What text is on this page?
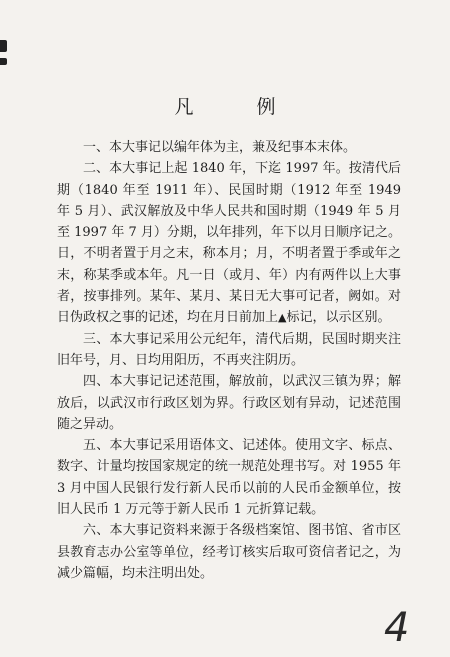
凡　例

一、本大事记以编年体为主，兼及纪事本末体。

二、本大事记上起 1840 年，下迄 1997 年。按清代后期（1840 年至 1911 年）、民国时期（1912 年至 1949 年 5 月）、武汉解放及中华人民共和国时期（1949 年 5 月至 1997 年 7 月）分期，以年排列，年下以月日顺序记之。日，不明者置于月之末，称本月；月，不明者置于季或年之末，称某季或本年。凡一日（或月、年）内有两件以上大事者，按事排列。某年、某月、某日无大事可记者，阙如。对日伪政权之事的记述，均在月日前加上▲标记，以示区别。

三、本大事记采用公元纪年，清代后期，民国时期夹注旧年号，月、日均用阳历，不再夹注阴历。

四、本大事记记述范围，解放前，以武汉三镇为界；解放后，以武汉市行政区划为界。行政区划有异动，记述范围随之异动。

五、本大事记采用语体文、记述体。使用文字、标点、数字、计量均按国家规定的统一规范处理书写。对 1955 年 3 月中国人民银行发行新人民币以前的人民币金额单位，按旧人民币 1 万元等于新人民币 1 元折算记载。

六、本大事记资料来源于各级档案馆、图书馆、省市区县教育志办公室等单位，经考订核实后取可资信者记之，为减少篇幅，均未注明出处。

4
